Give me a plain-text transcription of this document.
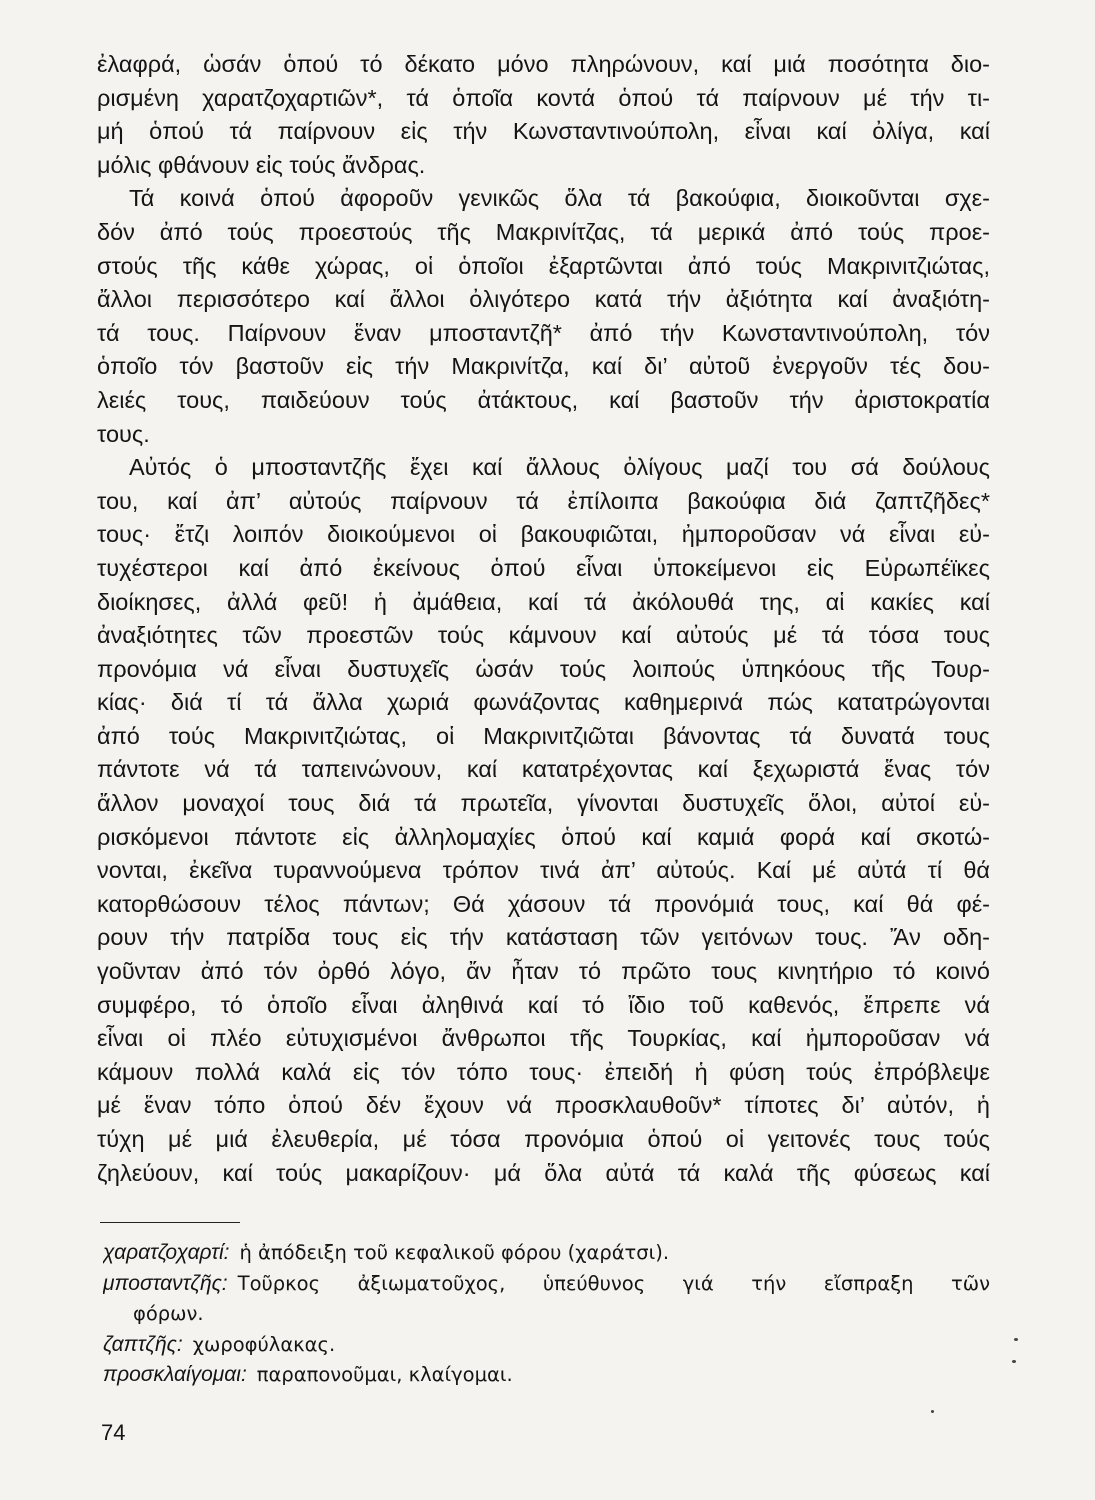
ἐλαφρά, ὡσάν ὁπού τό δέκατο μόνο πληρώνουν, καί μιά ποσότητα διο-
ρισμένη χαρατζοχαρτιῶν*, τά ὁποῖα κοντά ὁπού τά παίρνουν μέ τήν τι-
μή ὁπού τά παίρνουν εἰς τήν Κωνσταντινούπολη, εἶναι καί ὀλίγα, καί
μόλις φθάνουν εἰς τούς ἄνδρας.
Τά κοινά ὁπού ἀφοροῦν γενικῶς ὅλα τά βακούφια, διοικοῦνται σχε-
δόν ἀπό τούς προεστούς τῆς Μακρινίτζας, τά μερικά ἀπό τούς προε-
στούς τῆς κάθε χώρας, οἱ ὁποῖοι ἐξαρτῶνται ἀπό τούς Μακρινιτζιώτας,
ἄλλοι περισσότερο καί ἄλλοι ὀλιγότερο κατά τήν ἀξιότητα καί ἀναξιότη-
τά τους. Παίρνουν ἕναν μποσταντζῆ* ἀπό τήν Κωνσταντινούπολη, τόν
ὁποῖο τόν βαστοῦν εἰς τήν Μακρινίτζα, καί δι’ αὐτοῦ ἐνεργοῦν τές δου-
λειές τους, παιδεύουν τούς ἀτάκτους, καί βαστοῦν τήν ἀριστοκρατία
τους.
Αὐτός ὁ μποσταντζῆς ἔχει καί ἄλλους ὀλίγους μαζί του σά δούλους
του, καί ἀπ’ αὐτούς παίρνουν τά ἐπίλοιπα βακούφια διά ζαπτζῆδες*
τους· ἔτζι λοιπόν διοικούμενοι οἱ βακουφιῶται, ἠμποροῦσαν νά εἶναι εὐ-
τυχέστεροι καί ἀπό ἐκείνους ὁπού εἶναι ὑποκείμενοι εἰς Εὐρωπέϊκες
διοίκησες, ἀλλά φεῦ! ἡ ἀμάθεια, καί τά ἀκόλουθά της, αἱ κακίες καί
ἀναξιότητες τῶν προεστῶν τούς κάμνουν καί αὐτούς μέ τά τόσα τους
προνόμια νά εἶναι δυστυχεῖς ὡσάν τούς λοιπούς ὑπηκόους τῆς Τουρ-
κίας· διά τί τά ἄλλα χωριά φωνάζοντας καθημερινά πώς κατατρώγονται
ἀπό τούς Μακρινιτζιώτας, οἱ Μακρινιτζιῶται βάνοντας τά δυνατά τους
πάντοτε νά τά ταπεινώνουν, καί κατατρέχοντας καί ξεχωριστά ἕνας τόν
ἄλλον μοναχοί τους διά τά πρωτεῖα, γίνονται δυστυχεῖς ὅλοι, αὐτοί εὑ-
ρισκόμενοι πάντοτε εἰς ἀλληλομαχίες ὁπού καί καμιά φορά καί σκοτώ-
νονται, ἐκεῖνα τυραννούμενα τρόπον τινά ἀπ’ αὐτούς. Καί μέ αὐτά τί θά
κατορθώσουν τέλος πάντων; Θά χάσουν τά προνόμιά τους, καί θά φέ-
ρουν τήν πατρίδα τους εἰς τήν κατάσταση τῶν γειτόνων τους. Ἄν οδη-
γοῦνταν ἀπό τόν ὀρθό λόγο, ἄν ἦταν τό πρῶτο τους κινητήριο τό κοινό
συμφέρο, τό ὁποῖο εἶναι ἀληθινά καί τό ἴδιο τοῦ καθενός, ἔπρεπε νά
εἶναι οἱ πλέο εὐτυχισμένοι ἄνθρωποι τῆς Τουρκίας, καί ἠμποροῦσαν νά
κάμουν πολλά καλά εἰς τόν τόπο τους· ἐπειδή ἡ φύση τούς ἐπρόβλεψε
μέ ἕναν τόπο ὁπού δέν ἔχουν νά προσκλαυθοῦν* τίποτες δι’ αὐτόν, ἡ
τύχη μέ μιά ἐλευθερία, μέ τόσα προνόμια ὁπού οἱ γειτονές τους τούς
ζηλεύουν, καί τούς μακαρίζουν· μά ὅλα αὐτά τά καλά τῆς φύσεως καί
χαρατζοχαρτί: ἡ ἀπόδειξη τοῦ κεφαλικοῦ φόρου (χαράτσι).
μποσταντζῆς: Τοῦρκος ἀξιωματοῦχος, ὑπεύθυνος γιά τήν εἴσπραξη τῶν
φόρων.
ζαπτζῆς: χωροφύλακας.
προσκλαίγομαι: παραπονοῦμαι, κλαίγομαι.
74
